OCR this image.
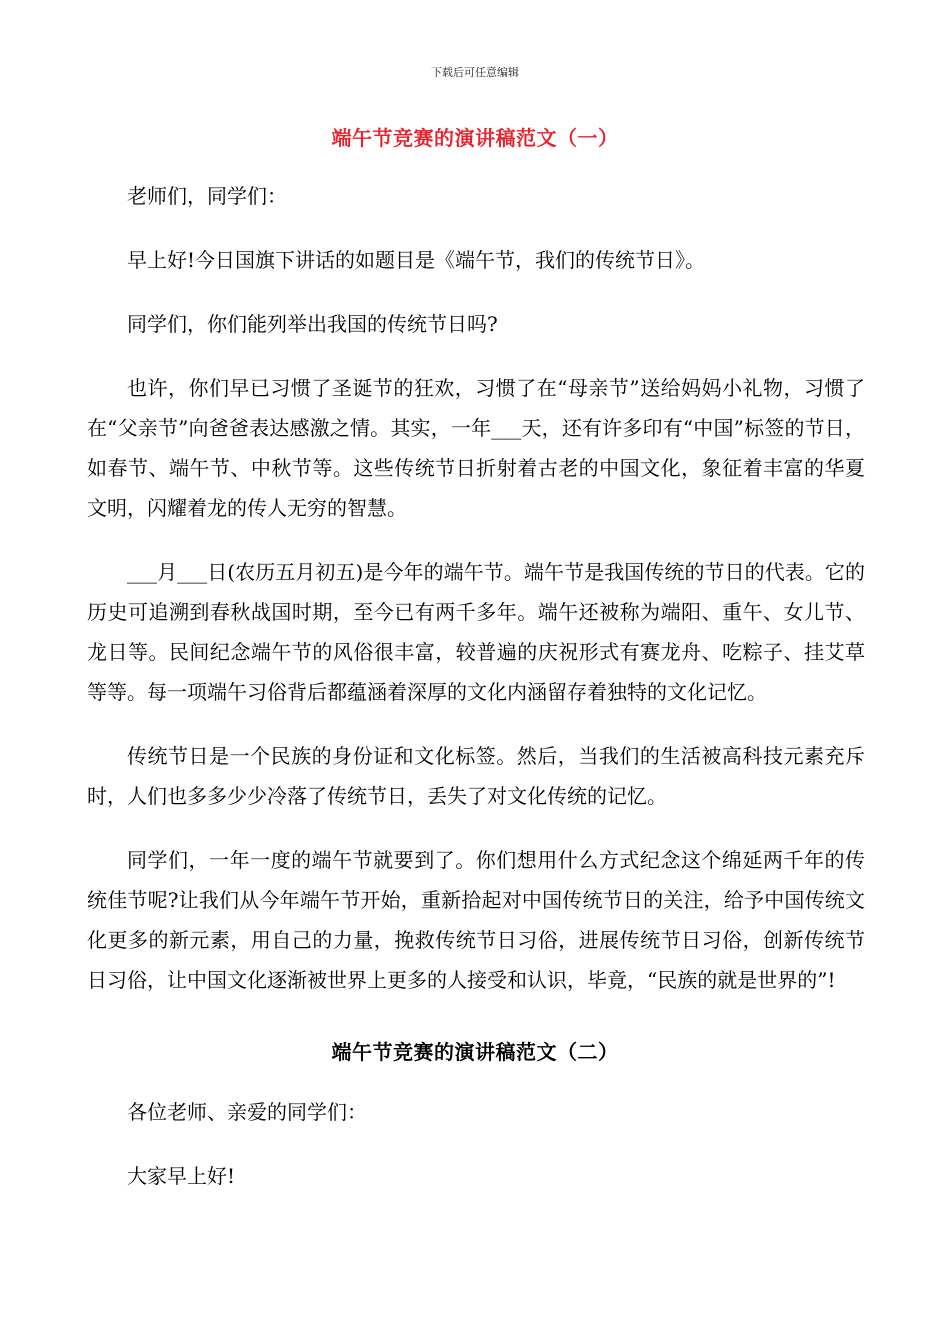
下载后可任意编辑
端午节竞赛的演讲稿范文（一）

老师们，同学们：

早上好!今日国旗下讲话的如题目是《端午节，我们的传统节日》。

同学们，你们能列举出我国的传统节日吗?

也许，你们早已习惯了圣诞节的狂欢，习惯了在“母亲节”送给妈妈小礼物，习惯了在“父亲节”向爸爸表达感激之情。其实，一年___天，还有许多印有“中国”标签的节日，如春节、端午节、中秋节等。这些传统节日折射着古老的中国文化，象征着丰富的华夏文明，闪耀着龙的传人无穷的智慧。

___月___日(农历五月初五)是今年的端午节。端午节是我国传统的节日的代表。它的历史可追溯到春秋战国时期，至今已有两千多年。端午还被称为端阳、重午、女儿节、龙日等。民间纪念端午节的风俗很丰富，较普遍的庆祝形式有赛龙舟、吃粽子、挂艾草等等。每一项端午习俗背后都蕴涵着深厚的文化内涵留存着独特的文化记忆。

传统节日是一个民族的身份证和文化标签。然后，当我们的生活被高科技元素充斥时，人们也多多少少冷落了传统节日，丢失了对文化传统的记忆。

同学们，一年一度的端午节就要到了。你们想用什么方式纪念这个绵延两千年的传统佳节呢?让我们从今年端午节开始，重新拾起对中国传统节日的关注，给予中国传统文化更多的新元素，用自己的力量，挽救传统节日习俗，进展传统节日习俗，创新传统节日习俗，让中国文化逐渐被世界上更多的人接受和认识，毕竟，“民族的就是世界的”!

端午节竞赛的演讲稿范文（二）

各位老师、亲爱的同学们：

大家早上好!
